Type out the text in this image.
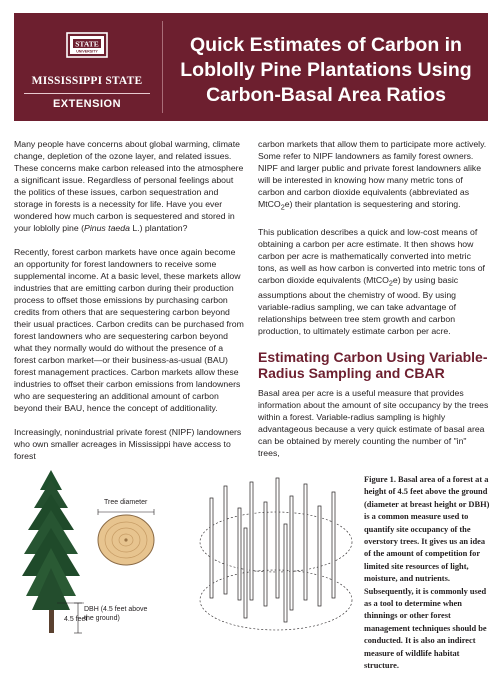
STATE
UNIVERSITY
MISSISSIPPI STATE
EXTENSION
Quick Estimates of Carbon in
Loblolly Pine Plantations Using
Carbon-Basal Area Ratios

Many people have concerns about global warming, climate change, depletion of the ozone layer, and related issues. These concerns make carbon released into the atmosphere a significant issue. Regardless of personal feelings about the politics of these issues, carbon sequestration and storage in forests is a necessity for life. Have you ever wondered how much carbon is sequestered and stored in your loblolly pine (Pinus taeda L.) plantation?

Recently, forest carbon markets have once again become an opportunity for forest landowners to receive some supplemental income. At a basic level, these markets allow industries that are emitting carbon during their production process to offset those emissions by purchasing carbon credits from others that are sequestering carbon beyond their usual practices. Carbon credits can be purchased from forest landowners who are sequestering carbon beyond what they normally would do without the presence of a forest carbon market—or their business-as-usual (BAU) forest management practices. Carbon markets allow these industries to offset their carbon emissions from landowners who are sequestering an additional amount of carbon beyond their BAU, hence the concept of additionality.

Increasingly, nonindustrial private forest (NIPF) landowners who own smaller acreages in Mississippi have access to forest

carbon markets that allow them to participate more actively. Some refer to NIPF landowners as family forest owners. NIPF and larger public and private forest landowners alike will be interested in knowing how many metric tons of carbon and carbon dioxide equivalents (abbreviated as MtCO$_2$e) their plantation is sequestering and storing.

This publication describes a quick and low-cost means of obtaining a carbon per acre estimate. It then shows how carbon per acre is mathematically converted into metric tons, as well as how carbon is converted into metric tons of carbon dioxide equivalents (MtCO$_2$e) by using basic assumptions about the chemistry of wood. By using variable-radius sampling, we can take advantage of relationships between tree stem growth and carbon production, to ultimately estimate carbon per acre.

Estimating Carbon Using Variable-Radius Sampling and CBAR

Basal area per acre is a useful measure that provides information about the amount of site occupancy by the trees within a forest. Variable-radius sampling is highly advantageous because a very quick estimate of basal area can be obtained by merely counting the number of "in" trees,

4.5 feet
Tree diameter
DBH (4.5 feet above
the ground)
Figure 1. Basal area of a forest at a height of 4.5 feet above the ground (diameter at breast height or DBH) is a common measure used to quantify site occupancy of the overstory trees. It gives us an idea of the amount of competition for limited site resources of light, moisture, and nutrients. Subsequently, it is commonly used as a tool to determine when thinnings or other forest management techniques should be conducted. It is also an indirect measure of wildlife habitat structure.
